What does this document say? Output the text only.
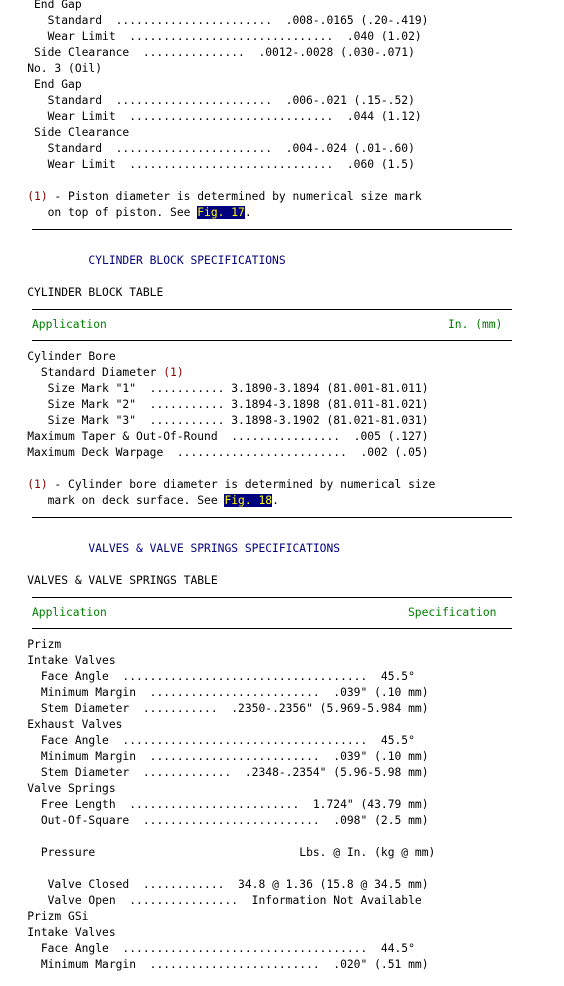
End Gap
Standard  .......................  .008-.0165 (.20-.419)
Wear Limit  ..............................  .040 (1.02)
Side Clearance  ...............  .0012-.0028 (.030-.071)
No. 3 (Oil)
End Gap
Standard  .......................  .006-.021 (.15-.52)
Wear Limit  ..............................  .044 (1.12)
Side Clearance
Standard  .......................  .004-.024 (.01-.60)
Wear Limit  ..............................  .060 (1.5)
(1) - Piston diameter is determined by numerical size mark
on top of piston. See Fig. 17.
CYLINDER BLOCK SPECIFICATIONS
CYLINDER BLOCK TABLE
Application	In. (mm)

Cylinder Bore
Standard Diameter (1)
Size Mark "1"  ........... 3.1890-3.1894 (81.001-81.011)
Size Mark "2"  ........... 3.1894-3.1898 (81.011-81.021)
Size Mark "3"  ........... 3.1898-3.1902 (81.021-81.031)
Maximum Taper & Out-Of-Round  ................  .005 (.127)
Maximum Deck Warpage  .........................  .002 (.05)
(1) - Cylinder bore diameter is determined by numerical size
mark on deck surface. See Fig. 18.
VALVES & VALVE SPRINGS SPECIFICATIONS
VALVES & VALVE SPRINGS TABLE
Application	Specification

Prizm
Intake Valves
Face Angle  ....................................  45.5°
Minimum Margin  .........................  .039" (.10 mm)
Stem Diameter  ...........  .2350-.2356" (5.969-5.984 mm)
Exhaust Valves
Face Angle  ....................................  45.5°
Minimum Margin  .........................  .039" (.10 mm)
Stem Diameter  .............  .2348-.2354" (5.96-5.98 mm)
Valve Springs
Free Length  .........................  1.724" (43.79 mm)
Out-Of-Square  ..........................  .098" (2.5 mm)

Pressure                              Lbs. @ In. (kg @ mm)

Valve Closed  ............  34.8 @ 1.36 (15.8 @ 34.5 mm)
Valve Open  ................  Information Not Available
Prizm GSi
Intake Valves
Face Angle  ....................................  44.5°
Minimum Margin  .........................  .020" (.51 mm)
